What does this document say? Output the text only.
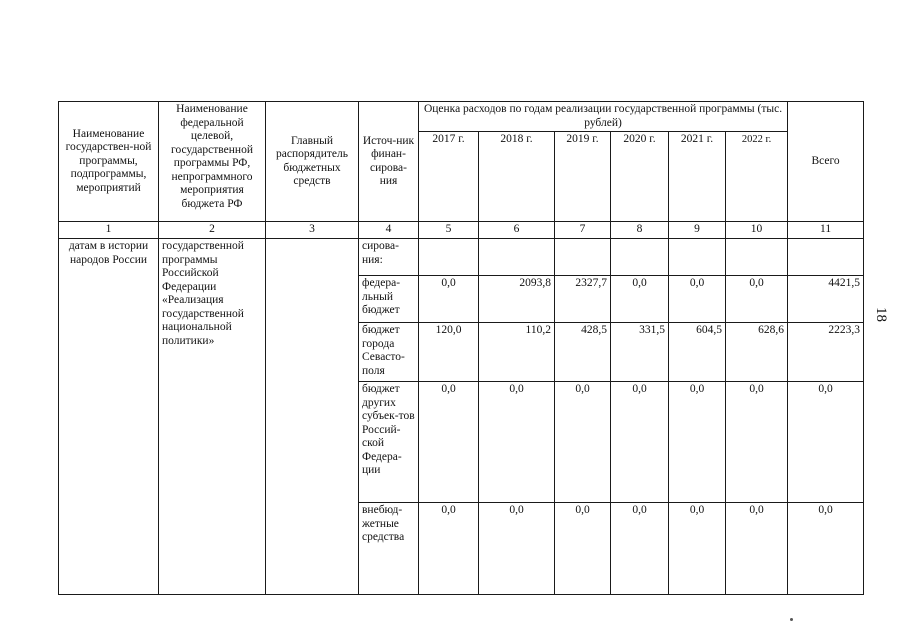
Наименование государствен-ной программы, подпрограммы, мероприятий	Наименование федеральной целевой, государственной программы РФ, непрограммного мероприятия бюджета РФ	Главный распорядитель бюджетных средств	Источ-ник финан-сирова-ния	Оценка расходов по годам реализации государственной программы (тыс. рублей)						Всего
				2017 г.	2018 г.	2019 г.	2020 г.	2021 г.	2022 г.	
1	2	3	4	5	6	7	8	9	10	11
датам в истории народов России	государственной программы Российской Федерации «Реализация государственной национальной политики»		сирова-ния:							
			федера-льный бюджет	0,0	2093,8	2327,7	0,0	0,0	0,0	4421,5
			бюджет города Севасто-поля	120,0	110,2	428,5	331,5	604,5	628,6	2223,3
			бюджет других субъек-тов Россий-ской Федера-ции	0,0	0,0	0,0	0,0	0,0	0,0	0,0
			внебюд-жетные средства	0,0	0,0	0,0	0,0	0,0	0,0	0,0
18
